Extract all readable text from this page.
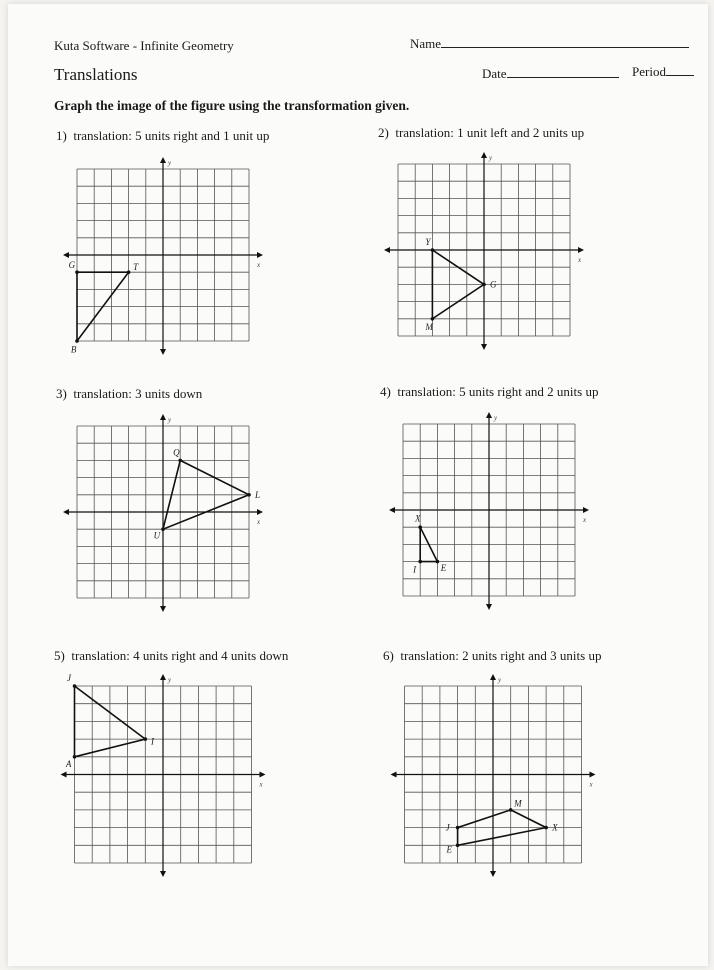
Kuta Software - Infinite Geometry	Name
Translations	Date	Period
Graph the image of the figure using the transformation given.
1) translation: 5 units right and 1 unit up	2) translation: 1 unit left and 2 units up
3) translation: 3 units down	4) translation: 5 units right and 2 units up
5) translation: 4 units right and 4 units down	6) translation: 2 units right and 3 units up
x
y
G	T
B
x
y
Y
G
M
x
y
Q
L
U
x
y
X
E
I
x
y
J
I
A
x
y
M
X
E
J
